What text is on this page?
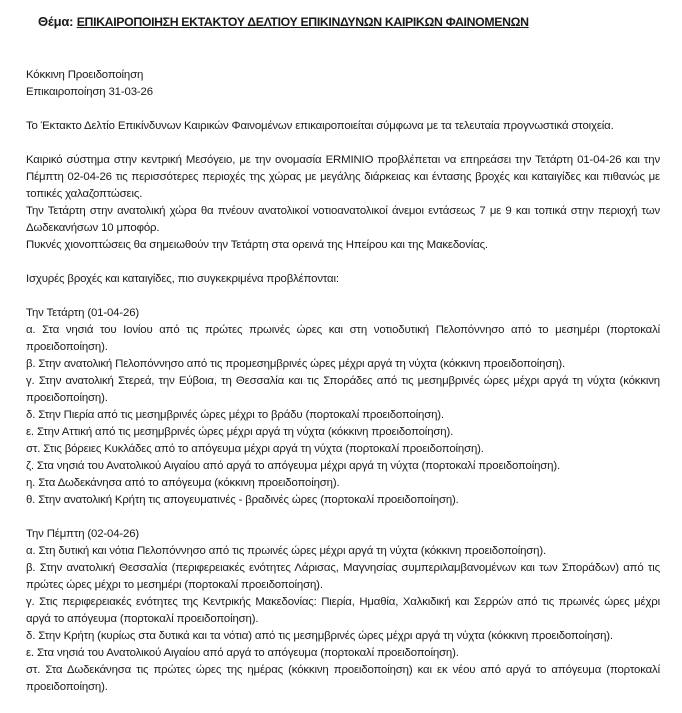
Θέμα: ΕΠΙΚΑΙΡΟΠΟΙΗΣΗ ΕΚΤΑΚΤΟΥ ΔΕΛΤΙΟΥ ΕΠΙΚΙΝΔΥΝΩΝ ΚΑΙΡΙΚΩΝ ΦΑΙΝΟΜΕΝΩΝ

Κόκκινη Προειδοποίηση

Επικαιροποίηση 31-03-26

Το Έκτακτο Δελτίο Επικίνδυνων Καιρικών Φαινομένων επικαιροποιείται σύμφωνα με τα τελευταία προγνωστικά στοιχεία.

Καιρικό σύστημα στην κεντρική Μεσόγειο, με την ονομασία ERMINIO προβλέπεται να επηρεάσει την Τετάρτη 01-04-26 και την Πέμπτη 02-04-26 τις περισσότερες περιοχές της χώρας με μεγάλης διάρκειας και έντασης βροχές και καταιγίδες και πιθανώς με τοπικές χαλαζοπτώσεις.

Την Τετάρτη στην ανατολική χώρα θα πνέουν ανατολικοί νοτιοανατολικοί άνεμοι εντάσεως 7 με 9 και τοπικά στην περιοχή των Δωδεκανήσων 10 μποφόρ.

Πυκνές χιονοπτώσεις θα σημειωθούν την Τετάρτη στα ορεινά της Ηπείρου και της Μακεδονίας.

Ισχυρές βροχές και καταιγίδες, πιο συγκεκριμένα προβλέπονται:

Την Τετάρτη (01-04-26)

α. Στα νησιά του Ιονίου από τις πρώτες πρωινές ώρες και στη νοτιοδυτική Πελοπόννησο από το μεσημέρι (πορτοκαλί προειδοποίηση).

β. Στην ανατολική Πελοπόννησο από τις προμεσημβρινές ώρες μέχρι αργά τη νύχτα (κόκκινη προειδοποίηση).

γ. Στην ανατολική Στερεά, την Εύβοια, τη Θεσσαλία και τις Σποράδες από τις μεσημβρινές ώρες μέχρι αργά τη νύχτα (κόκκινη προειδοποίηση).

δ. Στην Πιερία από τις μεσημβρινές ώρες μέχρι το βράδυ (πορτοκαλί προειδοποίηση).

ε. Στην Αττική από τις μεσημβρινές ώρες μέχρι αργά τη νύχτα (κόκκινη προειδοποίηση).

στ. Στις βόρειες Κυκλάδες από το απόγευμα μέχρι αργά τη νύχτα (πορτοκαλί προειδοποίηση).

ζ. Στα νησιά του Ανατολικού Αιγαίου από αργά το απόγευμα μέχρι αργά τη νύχτα (πορτοκαλί προειδοποίηση).

η. Στα Δωδεκάνησα από το απόγευμα (κόκκινη προειδοποίηση).

θ. Στην ανατολική Κρήτη τις απογευματινές - βραδινές ώρες (πορτοκαλί προειδοποίηση).

Την Πέμπτη (02-04-26)

α. Στη δυτική και νότια Πελοπόννησο από τις πρωινές ώρες μέχρι αργά τη νύχτα (κόκκινη προειδοποίηση).

β. Στην ανατολική Θεσσαλία (περιφερειακές ενότητες Λάρισας, Μαγνησίας συμπεριλαμβανομένων και των Σποράδων) από τις πρώτες ώρες μέχρι το μεσημέρι (πορτοκαλί προειδοποίηση).

γ. Στις περιφερειακές ενότητες της Κεντρικής Μακεδονίας: Πιερία, Ημαθία, Χαλκιδική και Σερρών από τις πρωινές ώρες μέχρι αργά το απόγευμα (πορτοκαλί προειδοποίηση).

δ. Στην Κρήτη (κυρίως στα δυτικά και τα νότια) από τις μεσημβρινές ώρες μέχρι αργά τη νύχτα (κόκκινη προειδοποίηση).

ε. Στα νησιά του Ανατολικού Αιγαίου από αργά το απόγευμα (πορτοκαλί προειδοποίηση).

στ. Στα Δωδεκάνησα τις πρώτες ώρες της ημέρας (κόκκινη προειδοποίηση) και εκ νέου από αργά το απόγευμα (πορτοκαλί προειδοποίηση).
